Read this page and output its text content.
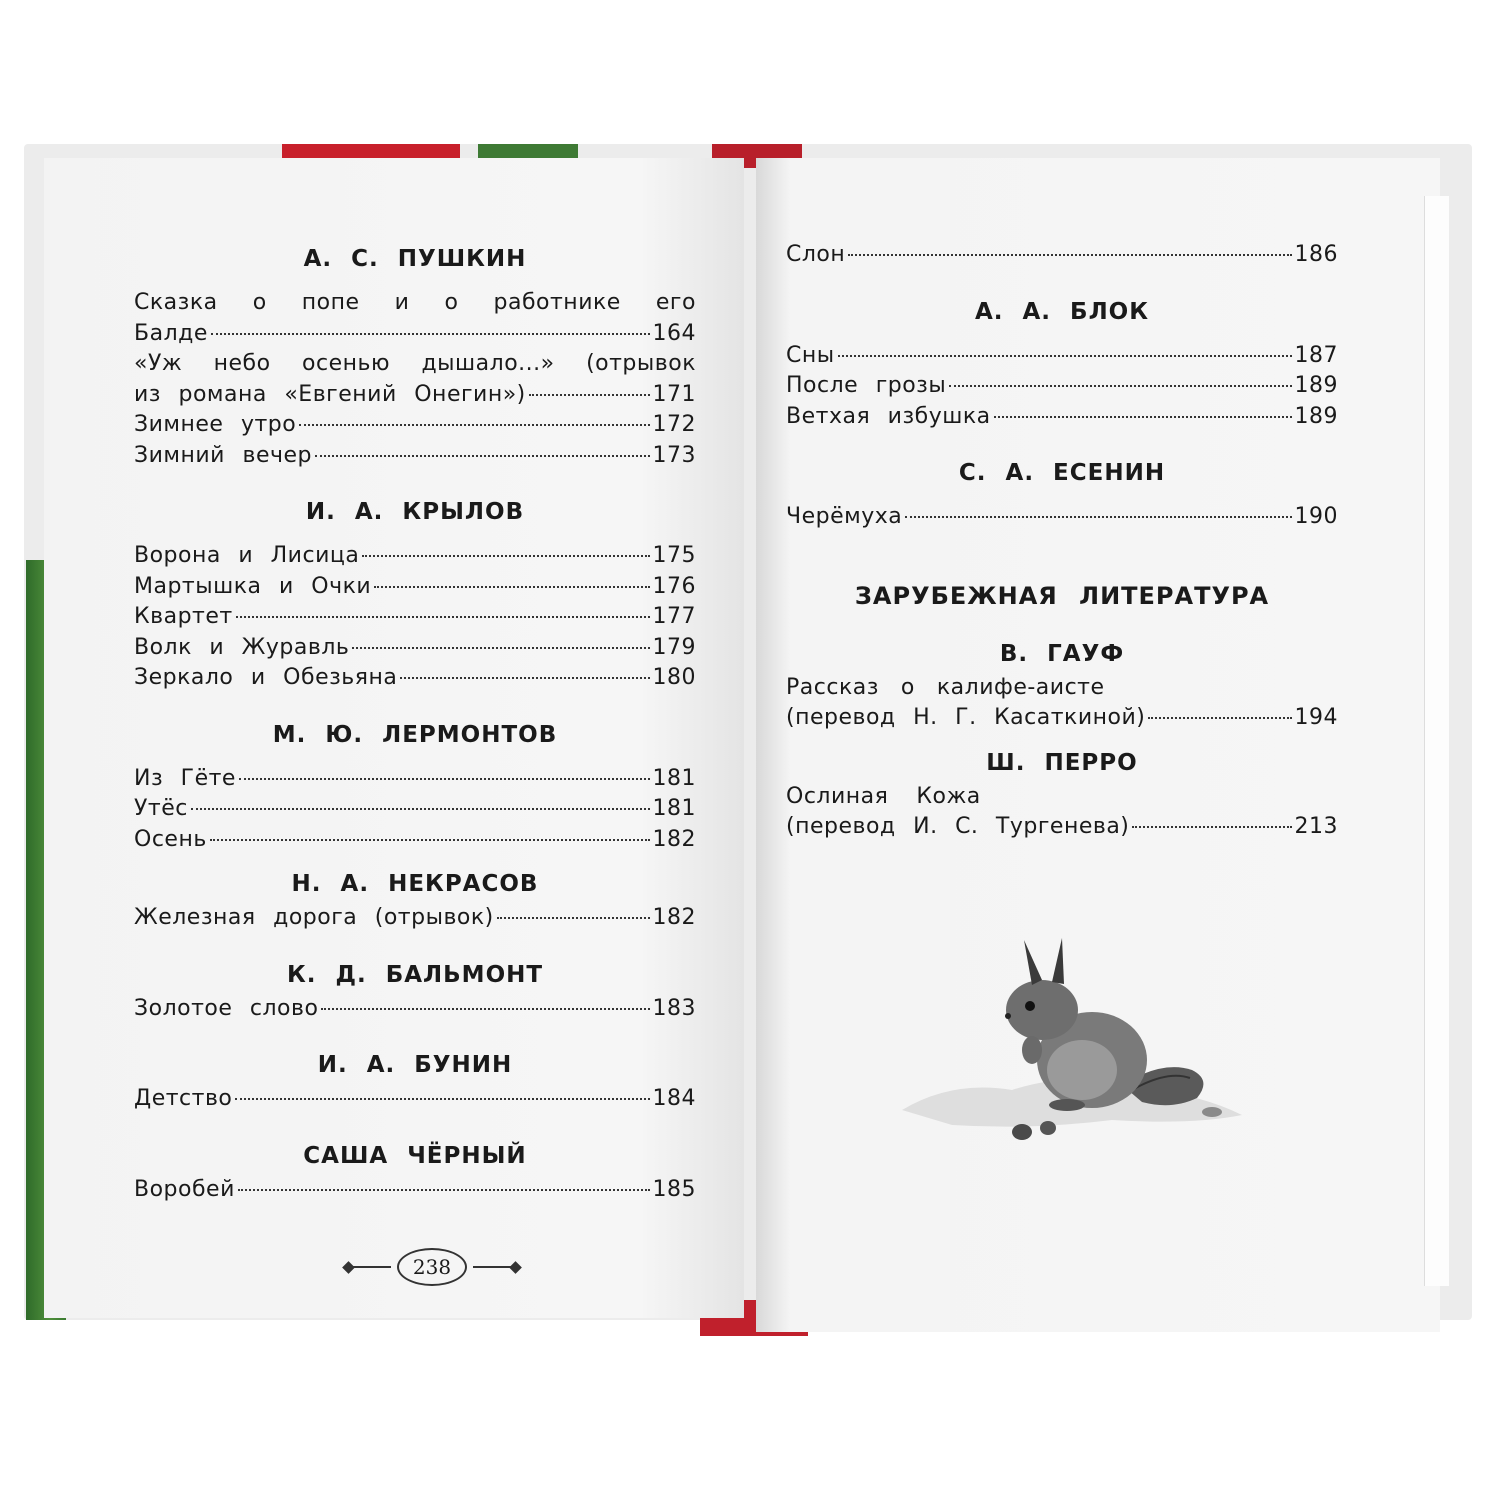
А. С. ПУШКИН
Сказка о попе и о работнике его
Балде	164
«Уж небо осенью дышало...» (отрывок
из романа «Евгений Онегин»)	171
Зимнее утро	172
Зимний вечер	173
И. А. КРЫЛОВ
Ворона и Лисица	175
Мартышка и Очки	176
Квартет	177
Волк и Журавль	179
Зеркало и Обезьяна	180
М. Ю. ЛЕРМОНТОВ
Из Гёте	181
Утёс	181
Осень	182
Н. А. НЕКРАСОВ
Железная дорога (отрывок)	182
К. Д. БАЛЬМОНТ
Золотое слово	183
И. А. БУНИН
Детство	184
САША ЧЁРНЫЙ
Воробей	185
238
Слон	186
А. А. БЛОК
Сны	187
После грозы	189
Ветхая избушка	189
С. А. ЕСЕНИН
Черёмуха	190
ЗАРУБЕЖНАЯ ЛИТЕРАТУРА
В. ГАУФ
Рассказ о калифе-аисте
(перевод Н. Г. Касаткиной)	194
Ш. ПЕРРО
Ослиная Кожа
(перевод И. С. Тургенева)	213
